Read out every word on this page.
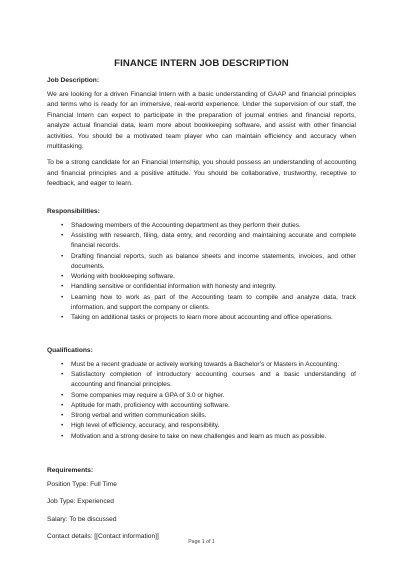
FINANCE INTERN JOB DESCRIPTION
Job Description:

We are looking for a driven Financial Intern with a basic understanding of GAAP and financial principles and terms who is ready for an immersive, real-world experience. Under the supervision of our staff, the Financial Intern can expect to participate in the preparation of journal entries and financial reports, analyze actual financial data, learn more about bookkeeping software, and assist with other financial activities. You should be a motivated team player who can maintain efficiency and accuracy when multitasking.

To be a strong candidate for an Financial Internship, you should possess an understanding of accounting and financial principles and a positive attitude. You should be collaborative, trustworthy, receptive to feedback, and eager to learn.

Responsibilities:
• Shadowing members of the Accounting department as they perform their duties.
• Assisting with research, filing, data entry, and recording and maintaining accurate and complete financial records.
• Drafting financial reports, such as balance sheets and income statements, invoices, and other documents.
• Working with bookkeeping software.
• Handling sensitive or confidential information with honesty and integrity.
• Learning how to work as part of the Accounting team to compile and analyze data, track information, and support the company or clients.
• Taking on additional tasks or projects to learn more about accounting and office operations.
Qualifications:
• Must be a recent graduate or actively working towards a Bachelor’s or Masters in Accounting.
• Satisfactory completion of introductory accounting courses and a basic understanding of accounting and financial principles.
• Some companies may require a GPA of 3.0 or higher.
• Aptitude for math, proficiency with accounting software.
• Strong verbal and written communication skills.
• High level of efficiency, accuracy, and responsibility.
• Motivation and a strong desire to take on new challenges and learn as much as possible.
Requirements:
Position Type: Full Time
Job Type: Experienced
Salary: To be discussed
Contact details: [[Contact information]]
Page 1 of 1
